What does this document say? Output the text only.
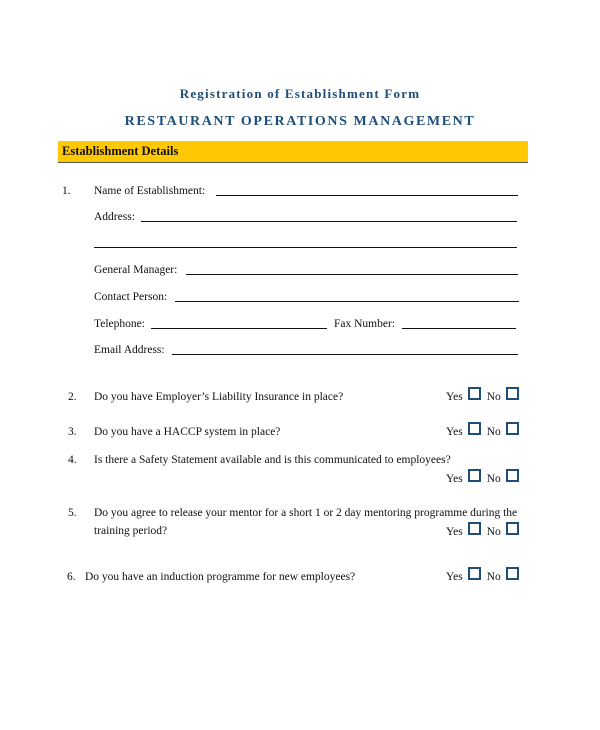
Registration of Establishment Form
RESTAURANT OPERATIONS MANAGEMENT
Establishment Details
1. Name of Establishment:
Address:
General Manager:
Contact Person:
Telephone:	Fax Number:
Email Address:
2. Do you have Employer’s Liability Insurance in place?	Yes No
3. Do you have a HACCP system in place?	Yes No
4. Is there a Safety Statement available and is this communicated to employees?
Yes No
5. Do you agree to release your mentor for a short 1 or 2 day mentoring programme during the
training period?	Yes No
6. Do you have an induction programme for new employees?	Yes No
